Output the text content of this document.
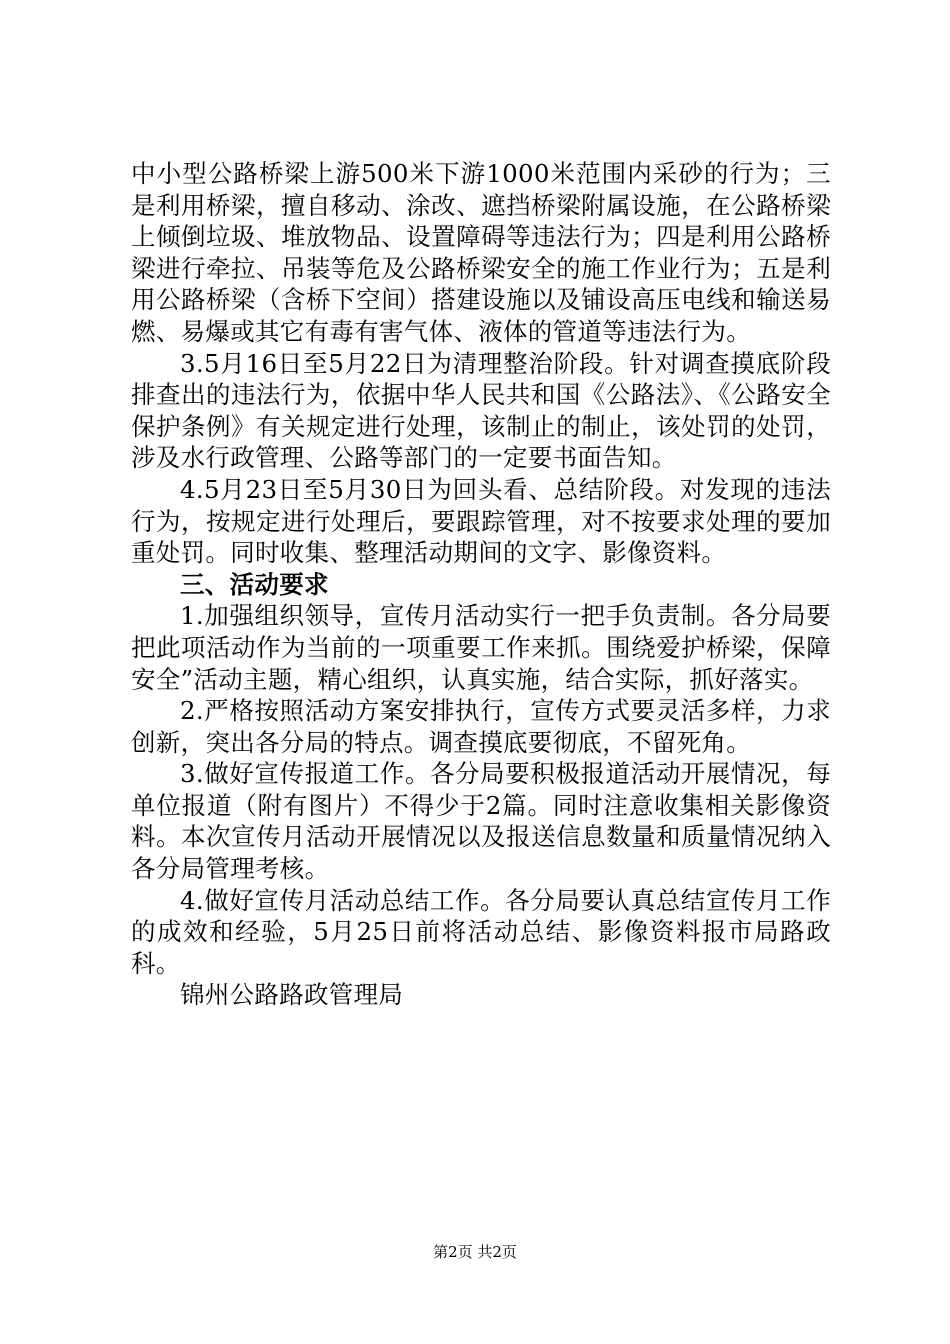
中小型公路桥梁上游500米下游1000米范围内采砂的行为；三是利用桥梁，擅自移动、涂改、遮挡桥梁附属设施，在公路桥梁上倾倒垃圾、堆放物品、设置障碍等违法行为；四是利用公路桥梁进行牵拉、吊装等危及公路桥梁安全的施工作业行为；五是利用公路桥梁（含桥下空间）搭建设施以及铺设高压电线和输送易燃、易爆或其它有毒有害气体、液体的管道等违法行为。

3.5月16日至5月22日为清理整治阶段。针对调查摸底阶段排查出的违法行为，依据中华人民共和国《公路法》、《公路安全保护条例》有关规定进行处理，该制止的制止，该处罚的处罚，涉及水行政管理、公路等部门的一定要书面告知。

4.5月23日至5月30日为回头看、总结阶段。对发现的违法行为，按规定进行处理后，要跟踪管理，对不按要求处理的要加重处罚。同时收集、整理活动期间的文字、影像资料。

三、活动要求

1.加强组织领导，宣传月活动实行一把手负责制。各分局要把此项活动作为当前的一项重要工作来抓。围绕爱护桥梁，保障安全”活动主题，精心组织，认真实施，结合实际，抓好落实。

2.严格按照活动方案安排执行，宣传方式要灵活多样，力求创新，突出各分局的特点。调查摸底要彻底，不留死角。

3.做好宣传报道工作。各分局要积极报道活动开展情况，每单位报道（附有图片）不得少于2篇。同时注意收集相关影像资料。本次宣传月活动开展情况以及报送信息数量和质量情况纳入各分局管理考核。

4.做好宣传月活动总结工作。各分局要认真总结宣传月工作的成效和经验，5月25日前将活动总结、影像资料报市局路政科。

锦州公路路政管理局

第2页 共2页
